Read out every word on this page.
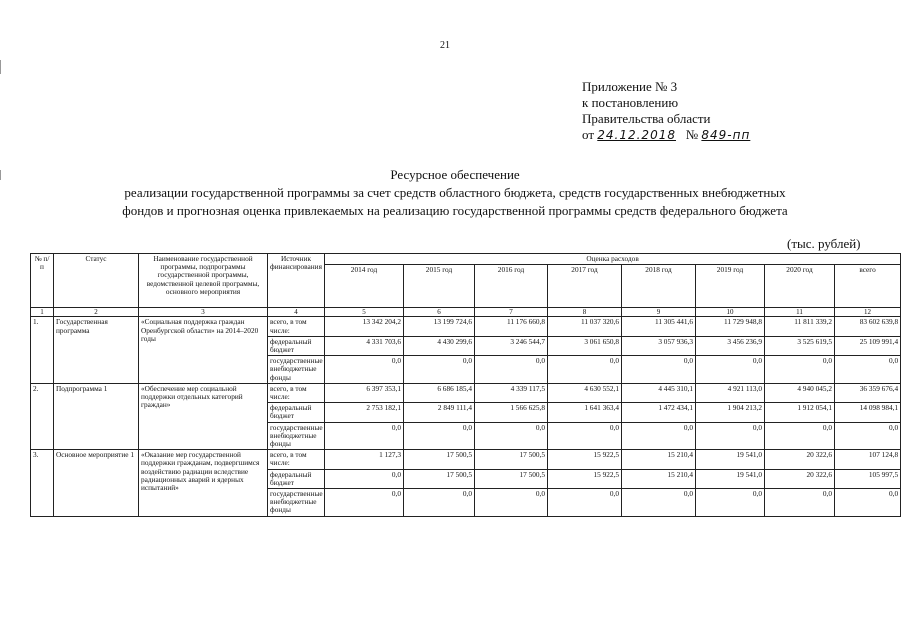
21
Приложение № 3
к постановлению
Правительства области
от 24.12.2018 № 849-пп
Ресурсное обеспечение
реализации государственной программы за счет средств областного бюджета, средств государственных внебюджетных
фондов и прогнозная оценка привлекаемых на реализацию государственной программы средств федерального бюджета
(тыс. рублей)
№ п/п	Статус	Наименование государственной программы, подпрограммы государственной программы, ведомственной целевой программы, основного мероприятия	Источник финансирования	Оценка расходов							
				2014 год	2015 год	2016 год	2017 год	2018 год	2019 год	2020 год	всего
1	2	3	4	5	6	7	8	9	10	11	12
1.	Государственная программа	«Социальная поддержка граждан Оренбургской области» на 2014–2020 годы	всего, в том числе:	13 342 204,2	13 199 724,6	11 176 660,8	11 037 320,6	11 305 441,6	11 729 948,8	11 811 339,2	83 602 639,8
			федеральный бюджет	4 331 703,6	4 430 299,6	3 246 544,7	3 061 650,8	3 057 936,3	3 456 236,9	3 525 619,5	25 109 991,4
			государственные внебюджетные фонды	0,0	0,0	0,0	0,0	0,0	0,0	0,0	0,0
2.	Подпрограмма 1	«Обеспечение мер социальной поддержки отдельных категорий граждан»	всего, в том числе:	6 397 353,1	6 686 185,4	4 339 117,5	4 630 552,1	4 445 310,1	4 921 113,0	4 940 045,2	36 359 676,4
			федеральный бюджет	2 753 182,1	2 849 111,4	1 566 625,8	1 641 363,4	1 472 434,1	1 904 213,2	1 912 054,1	14 098 984,1
			государственные внебюджетные фонды	0,0	0,0	0,0	0,0	0,0	0,0	0,0	0,0
3.	Основное мероприятие 1	«Оказание мер государственной поддержки гражданам, подвергшимся воздействию радиации вследствие радиационных аварий и ядерных испытаний»	всего, в том числе:	1 127,3	17 500,5	17 500,5	15 922,5	15 210,4	19 541,0	20 322,6	107 124,8
			федеральный бюджет	0,0	17 500,5	17 500,5	15 922,5	15 210,4	19 541,0	20 322,6	105 997,5
			государственные внебюджетные фонды	0,0	0,0	0,0	0,0	0,0	0,0	0,0	0,0
